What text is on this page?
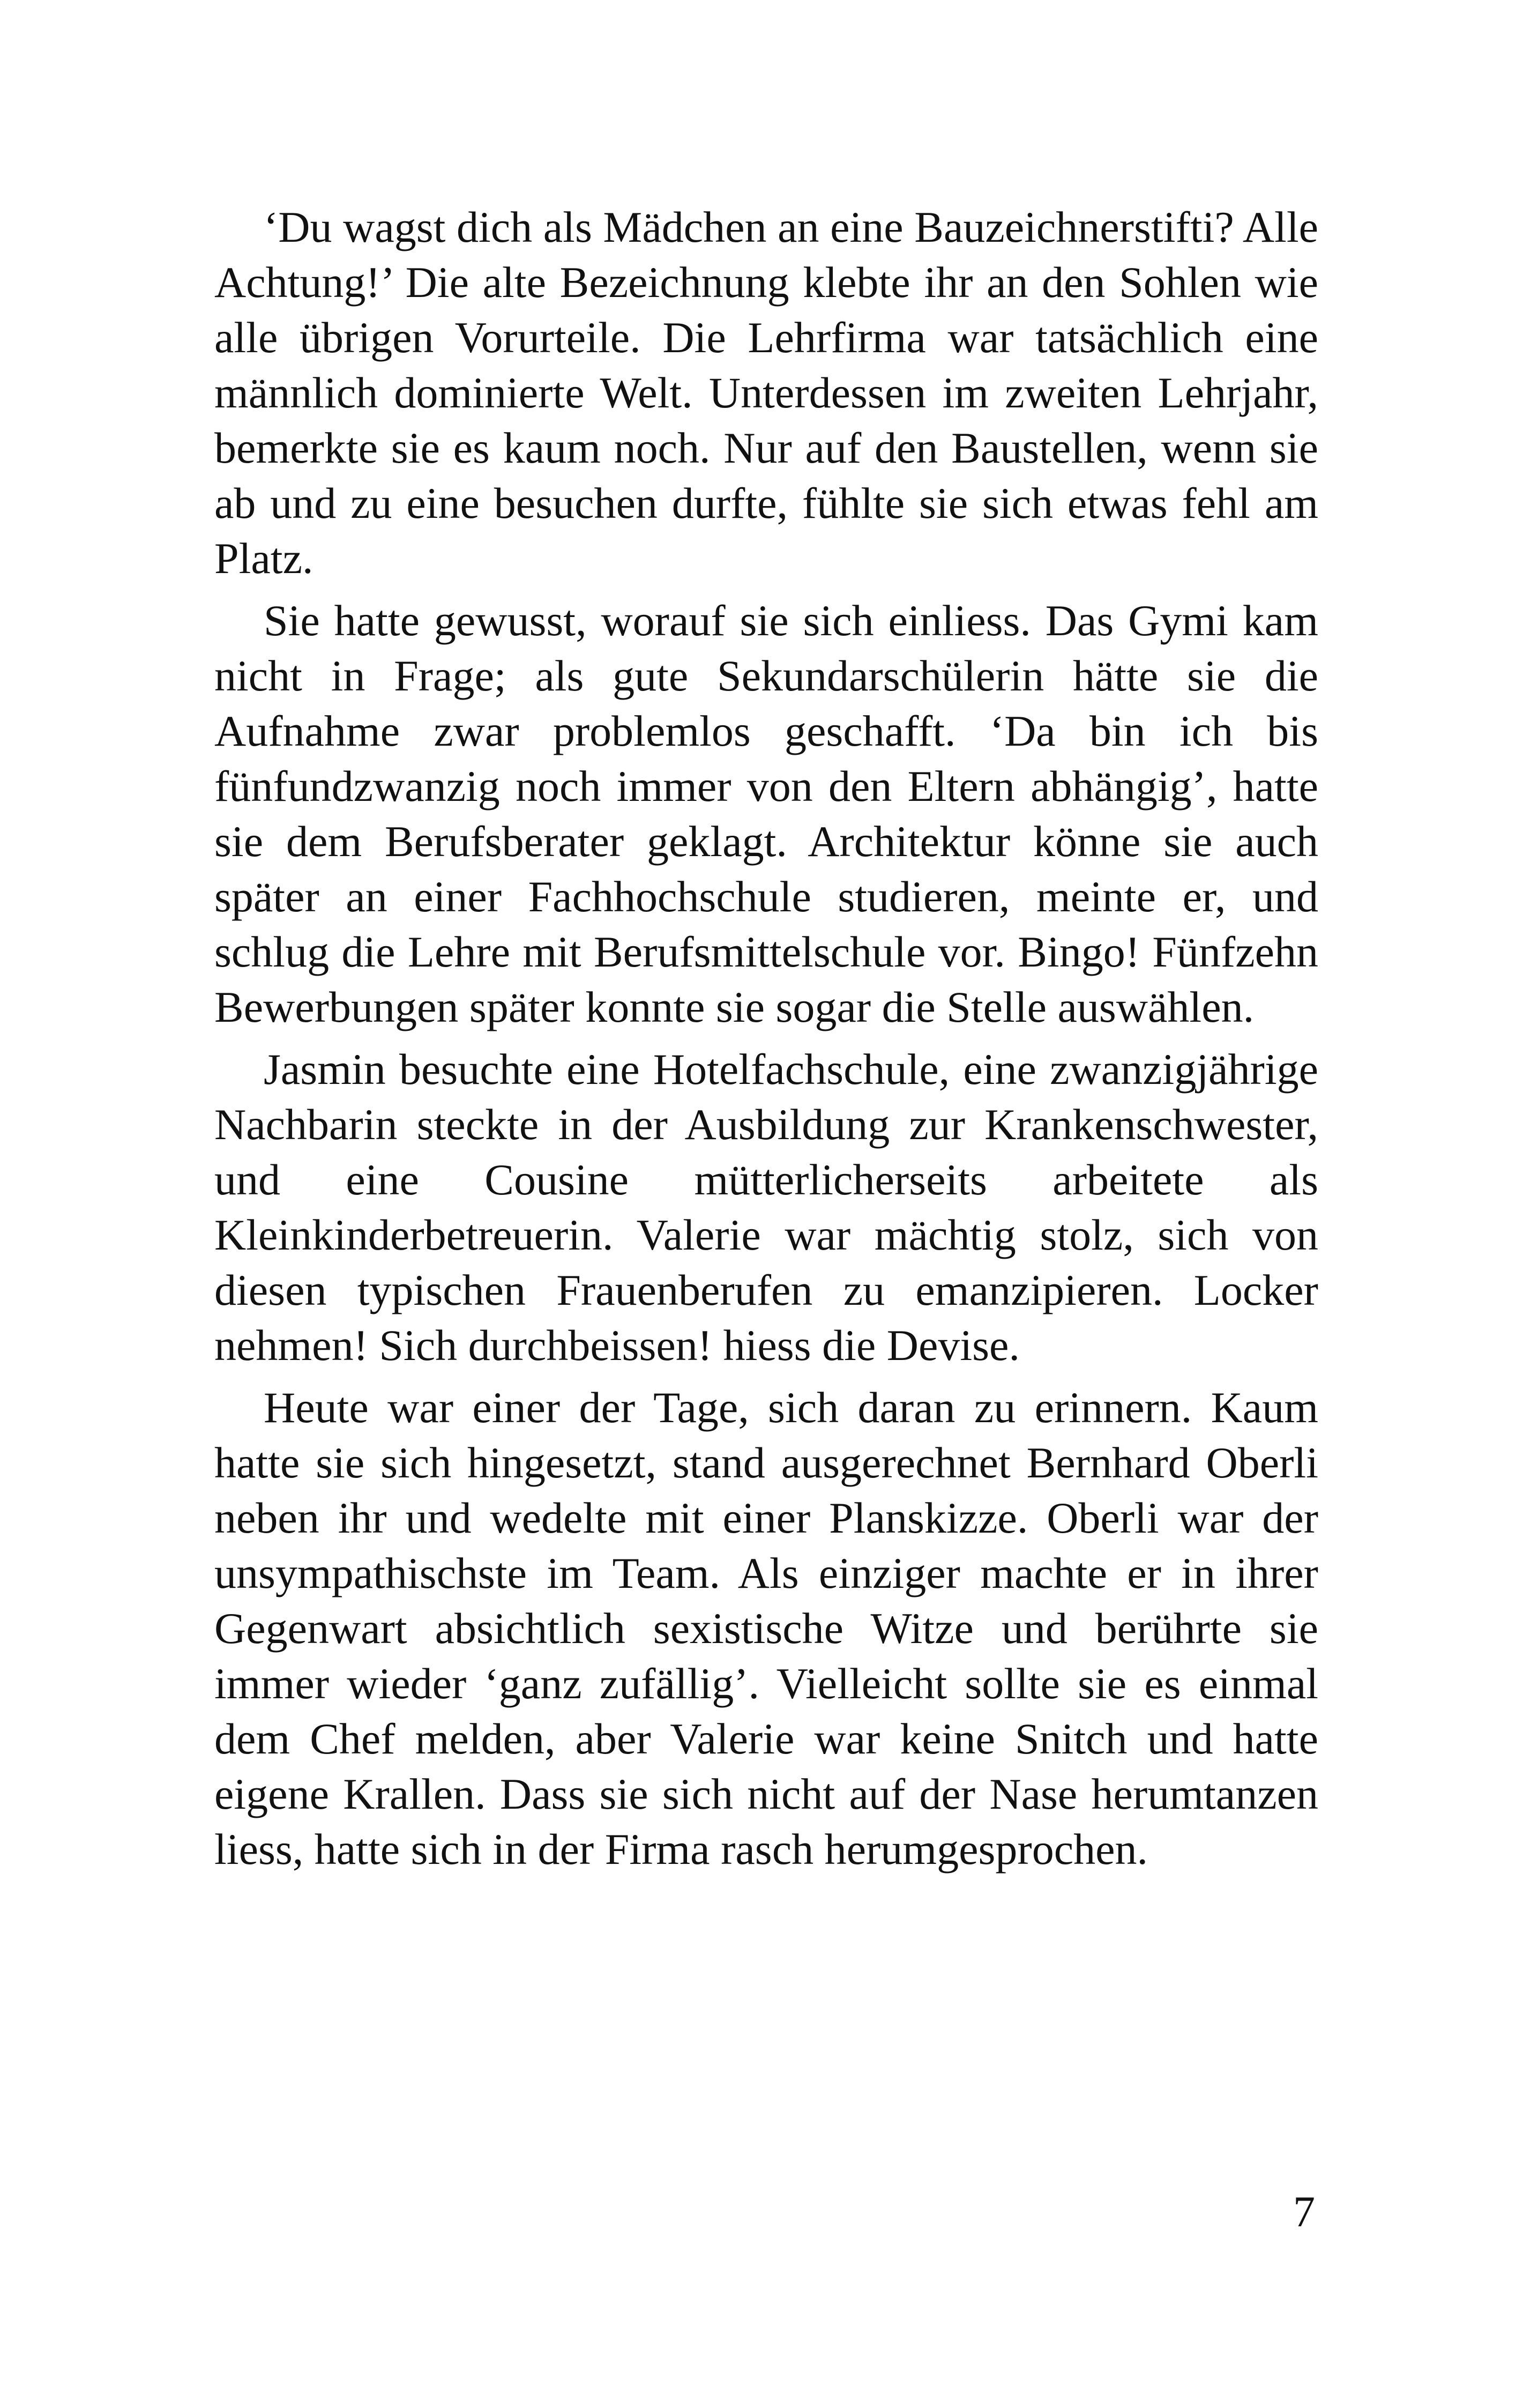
‘Du wagst dich als Mädchen an eine Bauzeichnerstifti? Alle Achtung!’ Die alte Bezeichnung klebte ihr an den Sohlen wie alle übrigen Vorurteile. Die Lehrfirma war tatsächlich eine männlich dominierte Welt. Unterdessen im zweiten Lehrjahr, bemerkte sie es kaum noch. Nur auf den Baustellen, wenn sie ab und zu eine besuchen durfte, fühlte sie sich etwas fehl am Platz.

Sie hatte gewusst, worauf sie sich einliess. Das Gymi kam nicht in Frage; als gute Sekundarschülerin hätte sie die Aufnahme zwar problemlos geschafft. ‘Da bin ich bis fünfundzwanzig noch immer von den Eltern abhängig’, hatte sie dem Berufsberater geklagt. Architektur könne sie auch später an einer Fachhochschule studieren, meinte er, und schlug die Lehre mit Berufsmittelschule vor. Bingo! Fünfzehn Bewerbungen später konnte sie sogar die Stelle auswählen.

Jasmin besuchte eine Hotelfachschule, eine zwanzigjährige Nachbarin steckte in der Ausbildung zur Krankenschwester, und eine Cousine mütterlicherseits arbeitete als Kleinkinderbetreuerin. Valerie war mächtig stolz, sich von diesen typischen Frauenberufen zu emanzipieren. Locker nehmen! Sich durchbeissen! hiess die Devise.

Heute war einer der Tage, sich daran zu erinnern. Kaum hatte sie sich hingesetzt, stand ausgerechnet Bernhard Oberli neben ihr und wedelte mit einer Planskizze. Oberli war der unsympathischste im Team. Als einziger machte er in ihrer Gegenwart absichtlich sexistische Witze und berührte sie immer wieder ‘ganz zufällig’. Vielleicht sollte sie es einmal dem Chef melden, aber Valerie war keine Snitch und hatte eigene Krallen. Dass sie sich nicht auf der Nase herumtanzen liess, hatte sich in der Firma rasch herumgesprochen.

7
